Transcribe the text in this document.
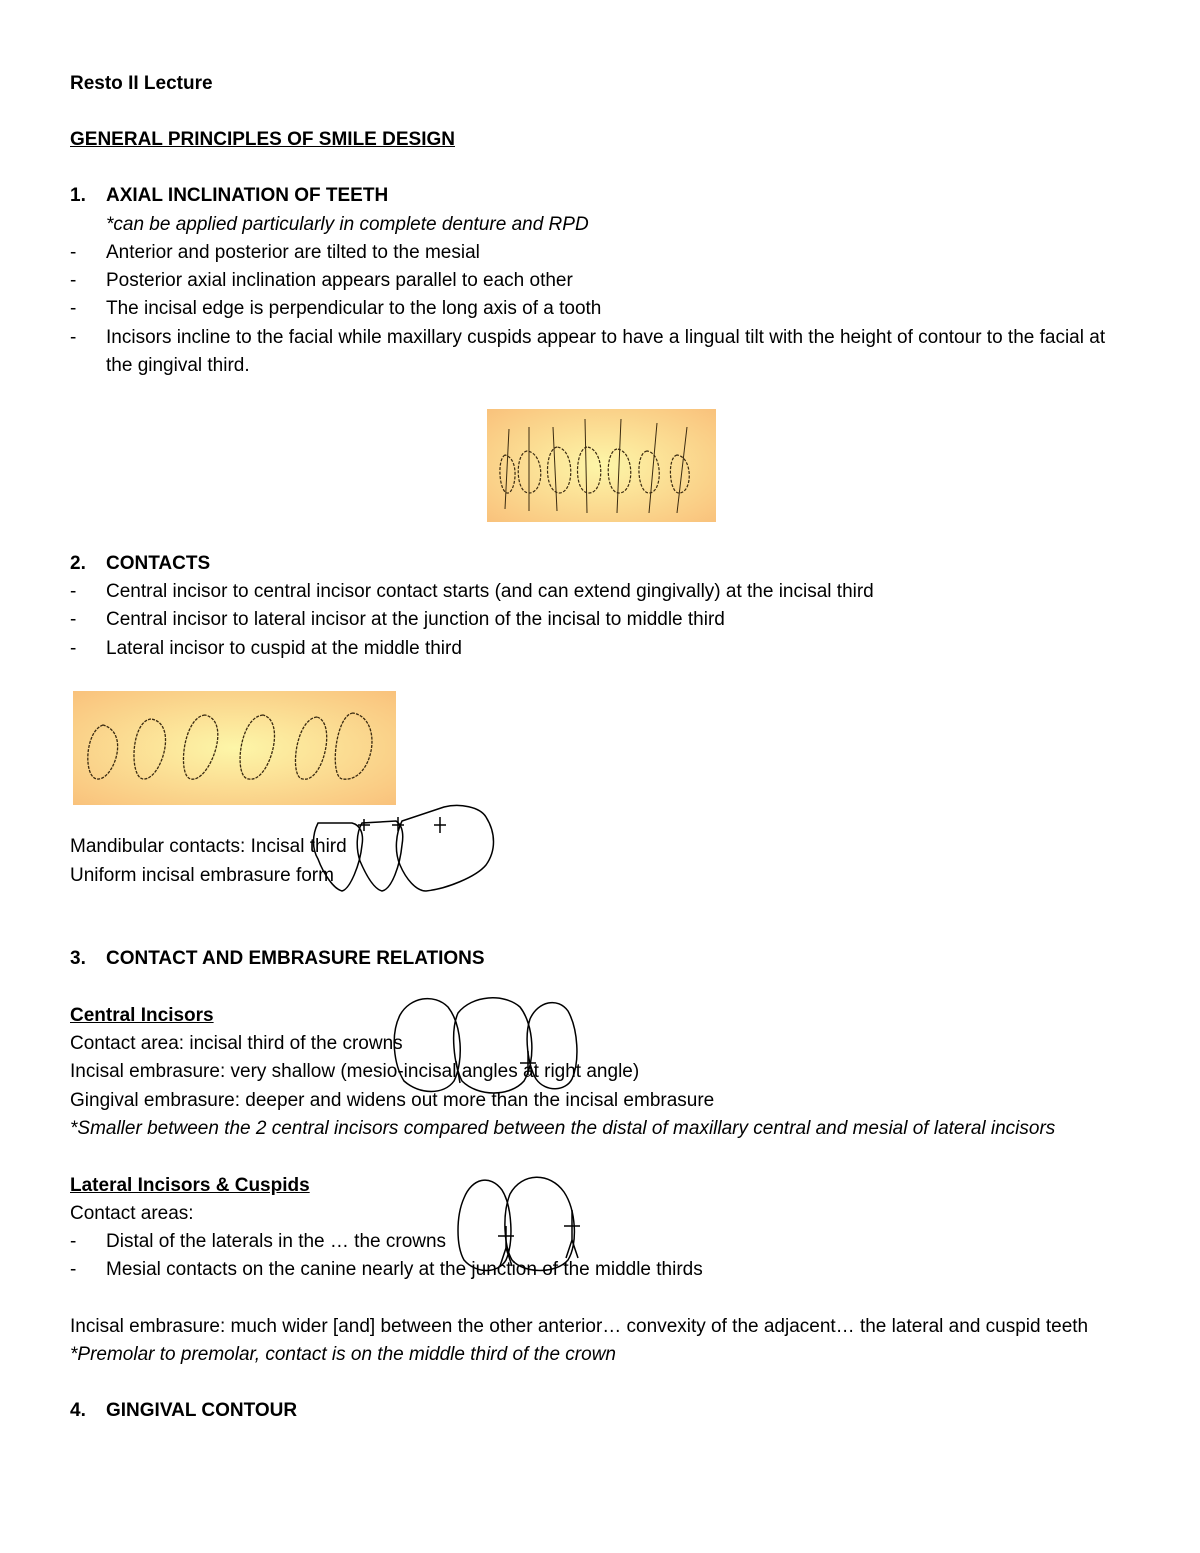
Resto II Lecture
GENERAL PRINCIPLES OF SMILE DESIGN
1. AXIAL INCLINATION OF TEETH
*can be applied particularly in complete denture and RPD
- Anterior and posterior are tilted to the mesial
- Posterior axial inclination appears parallel to each other
- The incisal edge is perpendicular to the long axis of a tooth
- Incisors incline to the facial while maxillary cuspids appear to have a lingual tilt with the height of contour to the facial at
the gingival third.
2. CONTACTS
- Central incisor to central incisor contact starts (and can extend gingivally) at the incisal third
- Central incisor to lateral incisor at the junction of the incisal to middle third
- Lateral incisor to cuspid at the middle third
Mandibular contacts: Incisal third
Uniform incisal embrasure form
3. CONTACT AND EMBRASURE RELATIONS
Central Incisors
Contact area: incisal third of the crowns
Incisal embrasure: very shallow (mesio-incisal angles at right angle)
Gingival embrasure: deeper and widens out more than the incisal embrasure
*Smaller between the 2 central incisors compared between the distal of maxillary central and mesial of lateral incisors
Lateral Incisors & Cuspids
Contact areas:
- Distal of the laterals in the … the crowns
- Mesial contacts on the canine nearly at the junction of the middle thirds
Incisal embrasure: much wider [and] between the other anterior… convexity of the adjacent… the lateral and cuspid teeth
*Premolar to premolar, contact is on the middle third of the crown
4. GINGIVAL CONTOUR
